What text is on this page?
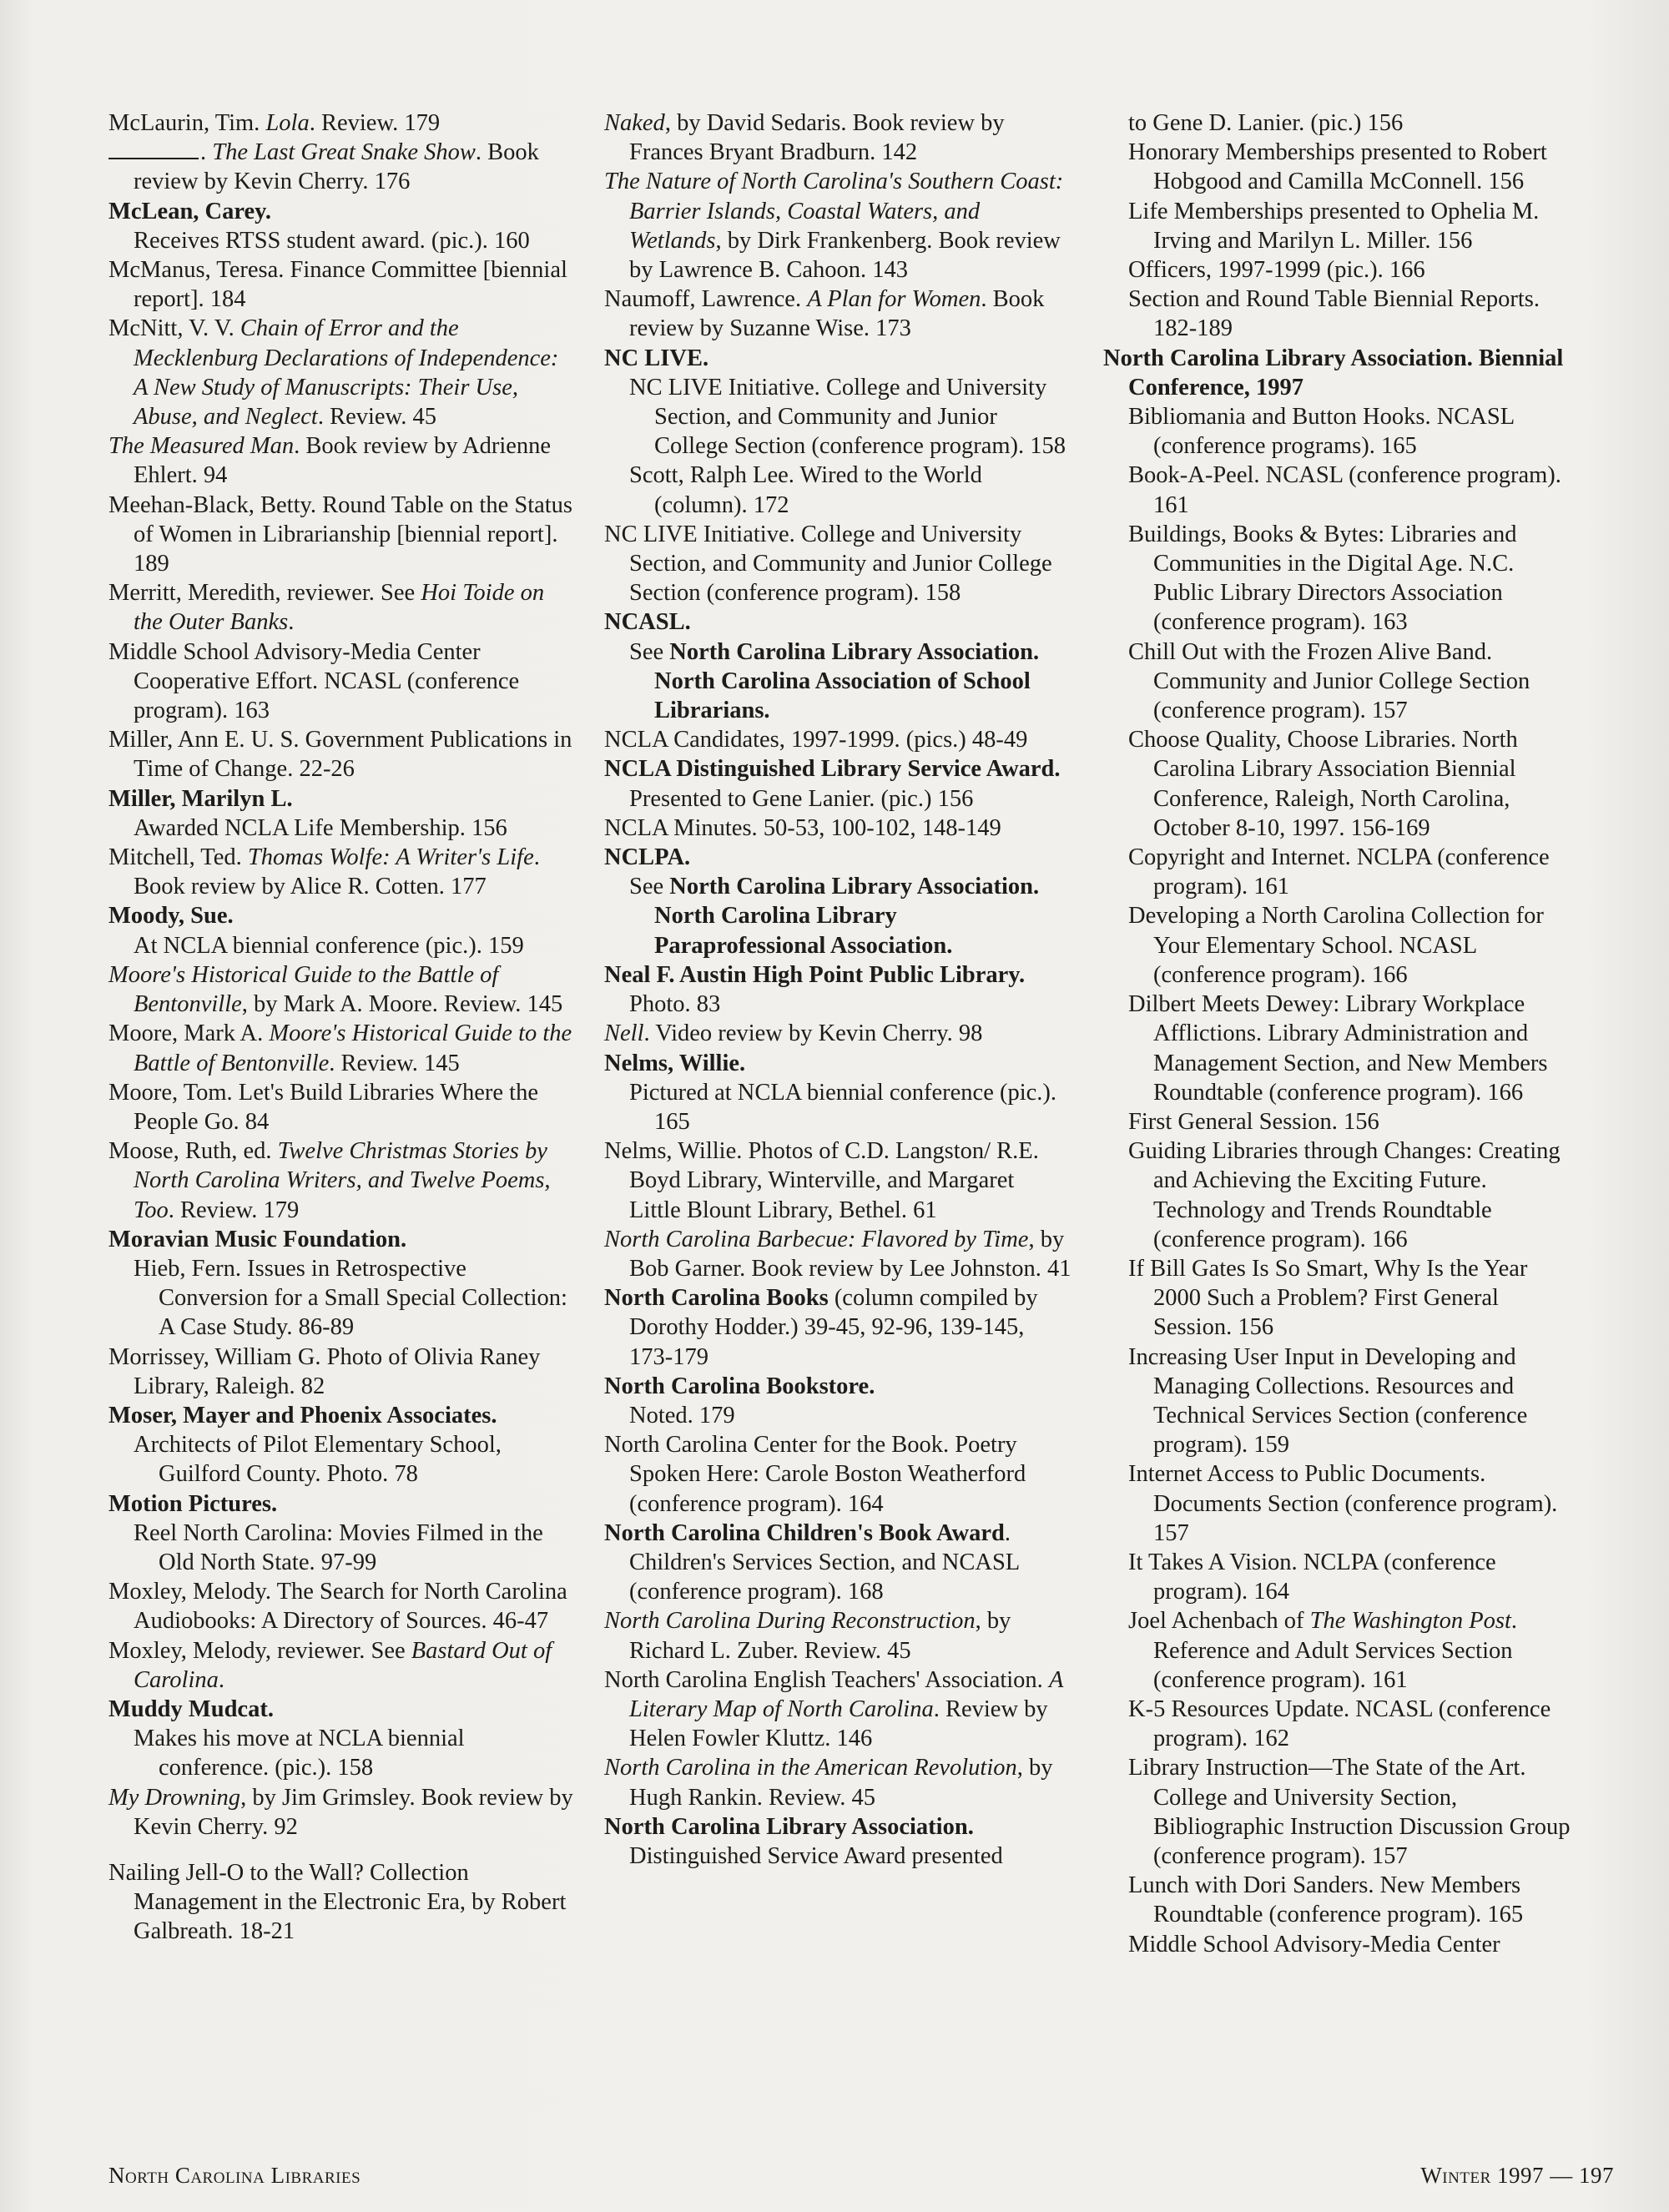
McLaurin, Tim. Lola. Review. 179
. The Last Great Snake Show. Book review by Kevin Cherry. 176
McLean, Carey.
Receives RTSS student award. (pic.). 160
McManus, Teresa. Finance Committee [biennial report]. 184
McNitt, V. V. Chain of Error and the Mecklenburg Declarations of Independence: A New Study of Manuscripts: Their Use, Abuse, and Neglect. Review. 45
The Measured Man. Book review by Adrienne Ehlert. 94
Meehan-Black, Betty. Round Table on the Status of Women in Librarianship [biennial report]. 189
Merritt, Meredith, reviewer. See Hoi Toide on the Outer Banks.
Middle School Advisory-Media Center Cooperative Effort. NCASL (conference program). 163
Miller, Ann E. U. S. Government Publications in Time of Change. 22-26
Miller, Marilyn L.
Awarded NCLA Life Membership. 156
Mitchell, Ted. Thomas Wolfe: A Writer's Life. Book review by Alice R. Cotten. 177
Moody, Sue.
At NCLA biennial conference (pic.). 159
Moore's Historical Guide to the Battle of Bentonville, by Mark A. Moore. Review. 145
Moore, Mark A. Moore's Historical Guide to the Battle of Bentonville. Review. 145
Moore, Tom. Let's Build Libraries Where the People Go. 84
Moose, Ruth, ed. Twelve Christmas Stories by North Carolina Writers, and Twelve Poems, Too. Review. 179
Moravian Music Foundation.
Hieb, Fern. Issues in Retrospective Conversion for a Small Special Collection: A Case Study. 86-89
Morrissey, William G. Photo of Olivia Raney Library, Raleigh. 82
Moser, Mayer and Phoenix Associates.
Architects of Pilot Elementary School, Guilford County. Photo. 78
Motion Pictures.
Reel North Carolina: Movies Filmed in the Old North State. 97-99
Moxley, Melody. The Search for North Carolina Audiobooks: A Directory of Sources. 46-47
Moxley, Melody, reviewer. See Bastard Out of Carolina.
Muddy Mudcat.
Makes his move at NCLA biennial conference. (pic.). 158
My Drowning, by Jim Grimsley. Book review by Kevin Cherry. 92
Nailing Jell-O to the Wall? Collection Management in the Electronic Era, by Robert Galbreath. 18-21
Naked, by David Sedaris. Book review by Frances Bryant Bradburn. 142
The Nature of North Carolina's Southern Coast: Barrier Islands, Coastal Waters, and Wetlands, by Dirk Frankenberg. Book review by Lawrence B. Cahoon. 143
Naumoff, Lawrence. A Plan for Women. Book review by Suzanne Wise. 173
NC LIVE.
NC LIVE Initiative. College and University Section, and Community and Junior College Section (conference program). 158
Scott, Ralph Lee. Wired to the World (column). 172
NC LIVE Initiative. College and University Section, and Community and Junior College Section (conference program). 158
NCASL.
See North Carolina Library Association. North Carolina Association of School Librarians.
NCLA Candidates, 1997-1999. (pics.) 48-49
NCLA Distinguished Library Service Award.
Presented to Gene Lanier. (pic.) 156
NCLA Minutes. 50-53, 100-102, 148-149
NCLPA.
See North Carolina Library Association. North Carolina Library Paraprofessional Association.
Neal F. Austin High Point Public Library.
Photo. 83
Nell. Video review by Kevin Cherry. 98
Nelms, Willie.
Pictured at NCLA biennial conference (pic.). 165
Nelms, Willie. Photos of C.D. Langston/ R.E. Boyd Library, Winterville, and Margaret Little Blount Library, Bethel. 61
North Carolina Barbecue: Flavored by Time, by Bob Garner. Book review by Lee Johnston. 41
North Carolina Books (column compiled by Dorothy Hodder.) 39-45, 92-96, 139-145, 173-179
North Carolina Bookstore.
Noted. 179
North Carolina Center for the Book. Poetry Spoken Here: Carole Boston Weatherford (conference program). 164
North Carolina Children's Book Award. Children's Services Section, and NCASL (conference program). 168
North Carolina During Reconstruction, by Richard L. Zuber. Review. 45
North Carolina English Teachers' Association. A Literary Map of North Carolina. Review by Helen Fowler Kluttz. 146
North Carolina in the American Revolution, by Hugh Rankin. Review. 45
North Carolina Library Association.
Distinguished Service Award presented
to Gene D. Lanier. (pic.) 156
Honorary Memberships presented to Robert Hobgood and Camilla McConnell. 156
Life Memberships presented to Ophelia M. Irving and Marilyn L. Miller. 156
Officers, 1997-1999 (pic.). 166
Section and Round Table Biennial Reports. 182-189
North Carolina Library Association. Biennial Conference, 1997
Bibliomania and Button Hooks. NCASL (conference programs). 165
Book-A-Peel. NCASL (conference program). 161
Buildings, Books & Bytes: Libraries and Communities in the Digital Age. N.C. Public Library Directors Association (conference program). 163
Chill Out with the Frozen Alive Band. Community and Junior College Section (conference program). 157
Choose Quality, Choose Libraries. North Carolina Library Association Biennial Conference, Raleigh, North Carolina, October 8-10, 1997. 156-169
Copyright and Internet. NCLPA (conference program). 161
Developing a North Carolina Collection for Your Elementary School. NCASL (conference program). 166
Dilbert Meets Dewey: Library Workplace Afflictions. Library Administration and Management Section, and New Members Roundtable (conference program). 166
First General Session. 156
Guiding Libraries through Changes: Creating and Achieving the Exciting Future. Technology and Trends Roundtable (conference program). 166
If Bill Gates Is So Smart, Why Is the Year 2000 Such a Problem? First General Session. 156
Increasing User Input in Developing and Managing Collections. Resources and Technical Services Section (conference program). 159
Internet Access to Public Documents. Documents Section (conference program). 157
It Takes A Vision. NCLPA (conference program). 164
Joel Achenbach of The Washington Post. Reference and Adult Services Section (conference program). 161
K-5 Resources Update. NCASL (conference program). 162
Library Instruction—The State of the Art. College and University Section, Bibliographic Instruction Discussion Group (conference program). 157
Lunch with Dori Sanders. New Members Roundtable (conference program). 165
Middle School Advisory-Media Center
North Carolina Libraries	Winter 1997 — 197
